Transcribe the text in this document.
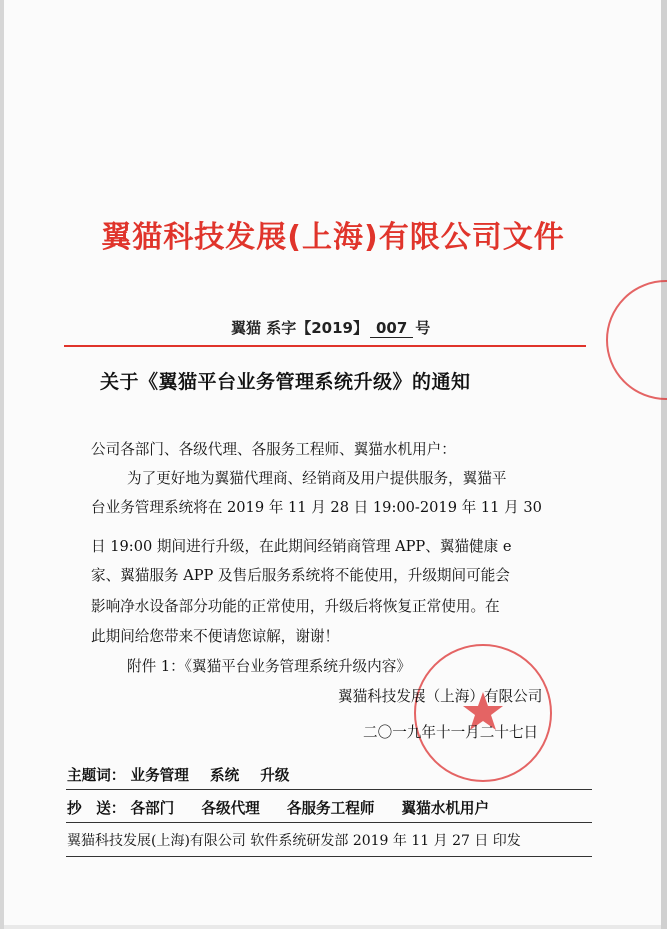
翼猫科技发展(上海)有限公司文件
翼猫 系字【2019】 007 号
关于《翼猫平台业务管理系统升级》的通知
公司各部门、各级代理、各服务工程师、翼猫水机用户：
为了更好地为翼猫代理商、经销商及用户提供服务，翼猫平
台业务管理系统将在 2019 年 11 月 28 日 19:00-2019 年 11 月 30
日 19:00 期间进行升级，在此期间经销商管理 APP、翼猫健康 e
家、翼猫服务 APP 及售后服务系统将不能使用，升级期间可能会
影响净水设备部分功能的正常使用，升级后将恢复正常使用。在
此期间给您带来不便请您谅解，谢谢！
附件 1：《翼猫平台业务管理系统升级内容》
翼猫科技发展（上海）有限公司
二〇一九年十一月二十七日
主题词： 业务管理 系统 升级
抄　送： 各部门 各级代理 各服务工程师 翼猫水机用户
翼猫科技发展(上海)有限公司 软件系统研发部 2019 年 11 月 27 日 印发
